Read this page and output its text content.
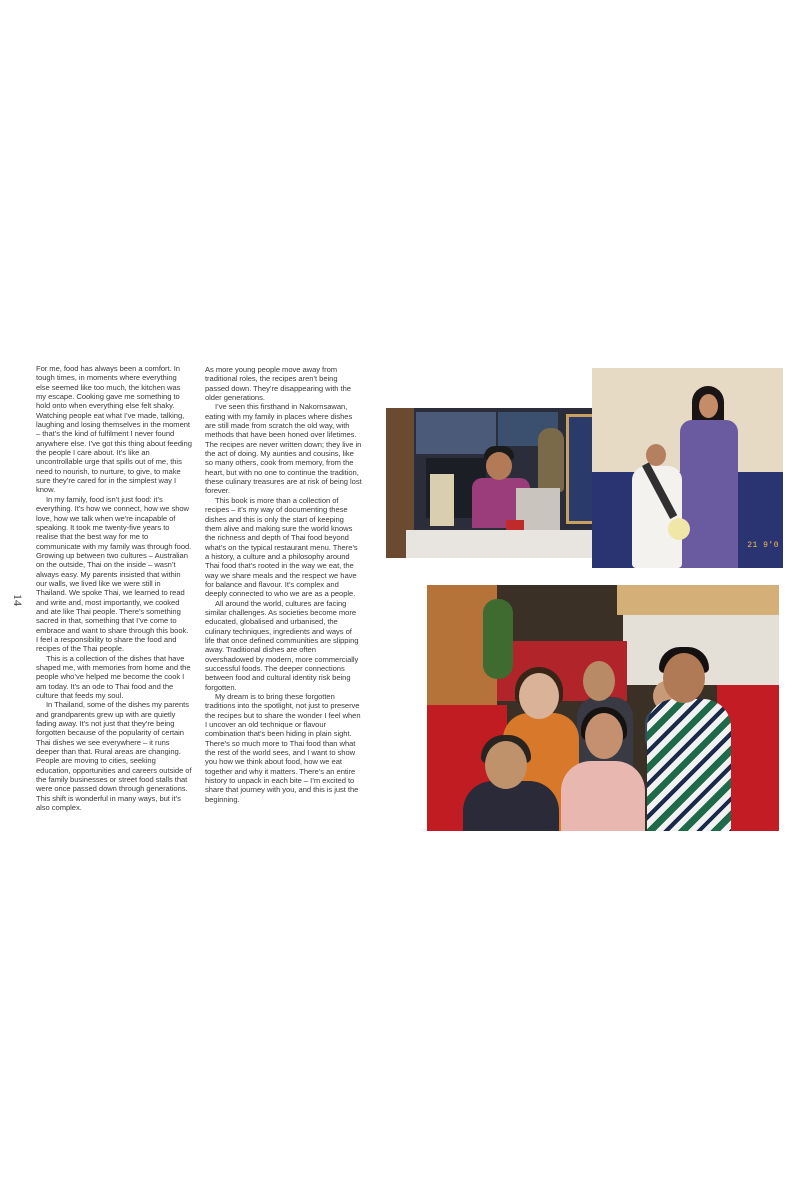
14

For me, food has always been a comfort. In tough times, in moments where everything else seemed like too much, the kitchen was my escape. Cooking gave me something to hold onto when everything else felt shaky. Watching people eat what I’ve made, talking, laughing and losing themselves in the moment – that’s the kind of fulfilment I never found anywhere else. I’ve got this thing about feeding the people I care about. It’s like an uncontrollable urge that spills out of me, this need to nourish, to nurture, to give, to make sure they’re cared for in the simplest way I know.

In my family, food isn’t just food: it’s everything. It’s how we connect, how we show love, how we talk when we’re incapable of speaking. It took me twenty-five years to realise that the best way for me to communicate with my family was through food. Growing up between two cultures – Australian on the outside, Thai on the inside – wasn’t always easy. My parents insisted that within our walls, we lived like we were still in Thailand. We spoke Thai, we learned to read and write and, most importantly, we cooked and ate like Thai people. There’s something sacred in that, something that I’ve come to embrace and want to share through this book. I feel a responsibility to share the food and recipes of the Thai people.

This is a collection of the dishes that have shaped me, with memories from home and the people who’ve helped me become the cook I am today. It’s an ode to Thai food and the culture that feeds my soul.

In Thailand, some of the dishes my parents and grandparents grew up with are quietly fading away. It’s not just that they’re being forgotten because of the popularity of certain Thai dishes we see everywhere – it runs deeper than that. Rural areas are changing. People are moving to cities, seeking education, opportunities and careers outside of the family businesses or street food stalls that were once passed down through generations. This shift is wonderful in many ways, but it’s also complex.

As more young people move away from traditional roles, the recipes aren’t being passed down. They’re disappearing with the older generations.

I’ve seen this firsthand in Nakornsawan, eating with my family in places where dishes are still made from scratch the old way, with methods that have been honed over lifetimes. The recipes are never written down; they live in the act of doing. My aunties and cousins, like so many others, cook from memory, from the heart, but with no one to continue the tradition, these culinary treasures are at risk of being lost forever.

This book is more than a collection of recipes – it’s my way of documenting these dishes and this is only the start of keeping them alive and making sure the world knows the richness and depth of Thai food beyond what’s on the typical restaurant menu. There’s a history, a culture and a philosophy around Thai food that’s rooted in the way we eat, the way we share meals and the respect we have for balance and flavour. It’s complex and deeply connected to who we are as a people.

All around the world, cultures are facing similar challenges. As societies become more educated, globalised and urbanised, the culinary techniques, ingredients and ways of life that once defined communities are slipping away. Traditional dishes are often overshadowed by modern, more commercially successful foods. The deeper connections between food and cultural identity risk being forgotten.

My dream is to bring these forgotten traditions into the spotlight, not just to preserve the recipes but to share the wonder I feel when I uncover an old technique or flavour combination that’s been hiding in plain sight. There’s so much more to Thai food than what the rest of the world sees, and I want to show you how we think about food, how we eat together and why it matters. There’s an entire history to unpack in each bite – I’m excited to share that journey with you, and this is just the beginning.

21 9'0
